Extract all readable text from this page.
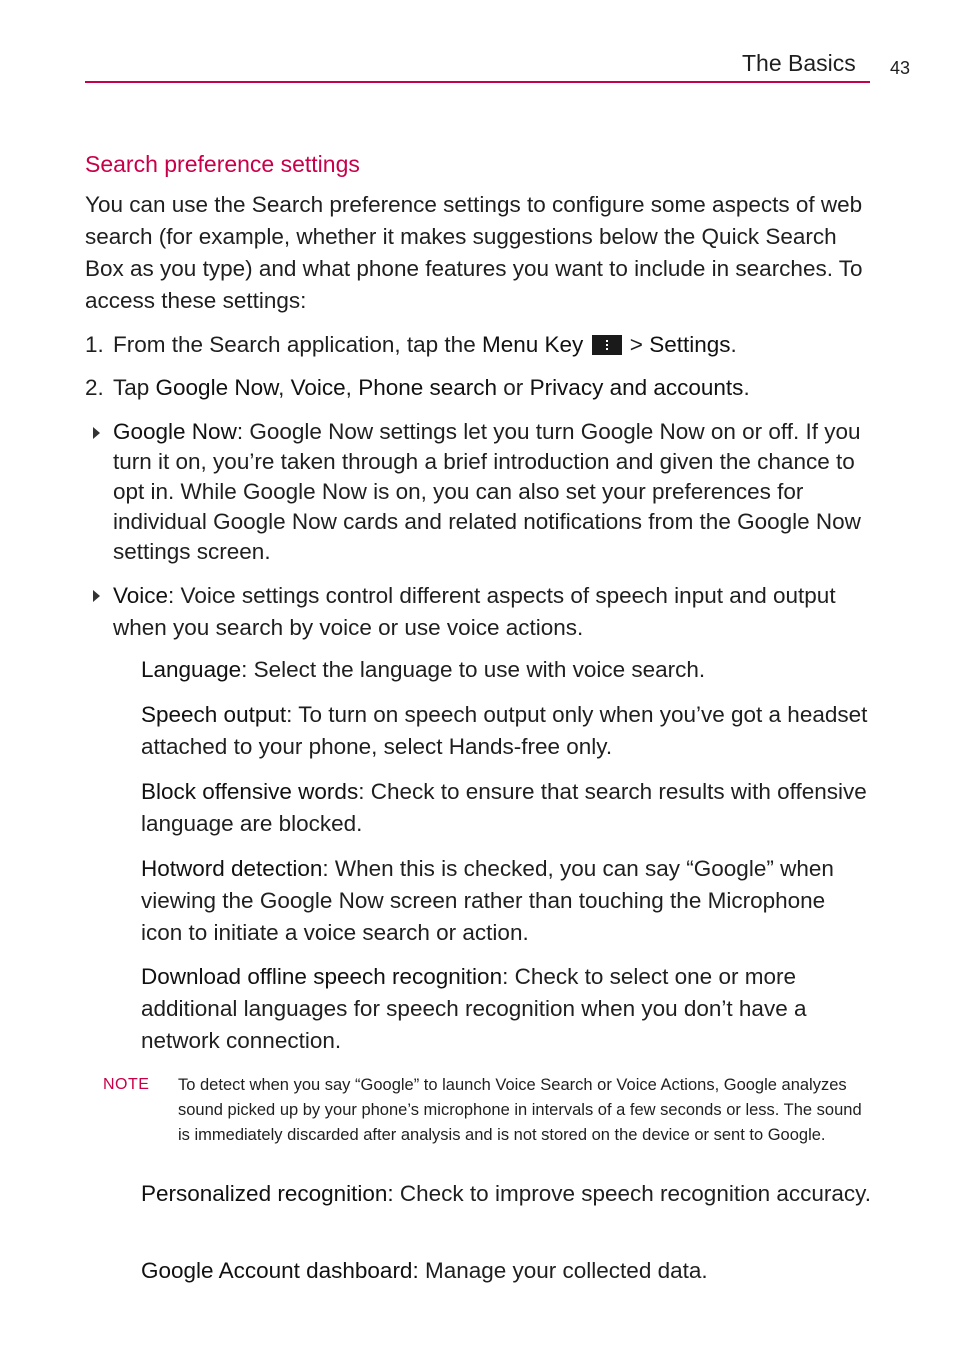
The Basics 43
Search preference settings

You can use the Search preference settings to configure some aspects of web search (for example, whether it makes suggestions below the Quick Search Box as you type) and what phone features you want to include in searches. To access these settings:

1. From the Search application, tap the Menu Key
> Settings.
2. Tap Google Now, Voice, Phone search or Privacy and accounts.
Google Now: Google Now settings let you turn Google Now on or off. If you turn it on, you’re taken through a brief introduction and given the chance to opt in. While Google Now is on, you can also set your preferences for individual Google Now cards and related notifications from the Google Now settings screen.
Voice: Voice settings control different aspects of speech input and output when you search by voice or use voice actions.
Language: Select the language to use with voice search.
Speech output: To turn on speech output only when you’ve got a headset attached to your phone, select Hands-free only.
Block offensive words: Check to ensure that search results with offensive language are blocked.
Hotword detection: When this is checked, you can say “Google” when viewing the Google Now screen rather than touching the Microphone icon to initiate a voice search or action.
Download offline speech recognition: Check to select one or more additional languages for speech recognition when you don’t have a network connection.
NOTE To detect when you say “Google” to launch Voice Search or Voice Actions, Google analyzes sound picked up by your phone’s microphone in intervals of a few seconds or less. The sound is immediately discarded after analysis and is not stored on the device or sent to Google.
Personalized recognition: Check to improve speech recognition accuracy.
Google Account dashboard: Manage your collected data.
